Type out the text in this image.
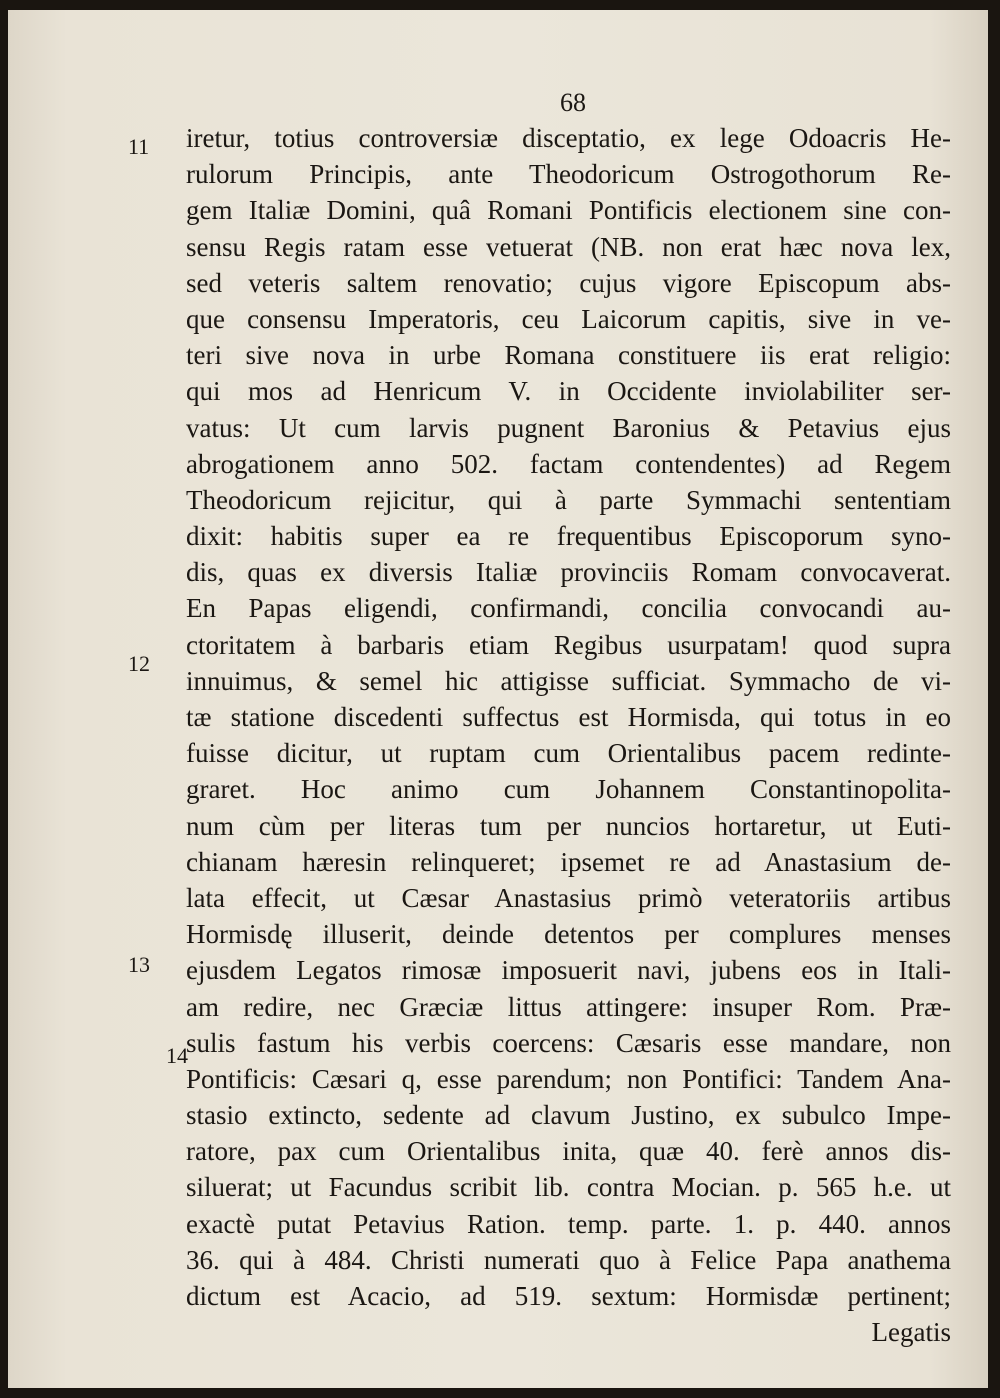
68
11
12
13
14
iretur, totius controversiæ disceptatio, ex lege Odoacris He-
rulorum Principis, ante Theodoricum Ostrogothorum Re-
gem Italiæ Domini, quâ Romani Pontificis electionem sine con-
sensu Regis ratam esse vetuerat (NB. non erat hæc nova lex,
sed veteris saltem renovatio; cujus vigore Episcopum abs-
que consensu Imperatoris, ceu Laicorum capitis, sive in ve-
teri sive nova in urbe Romana constituere iis erat religio:
qui mos ad Henricum V. in Occidente inviolabiliter ser-
vatus: Ut cum larvis pugnent Baronius & Petavius ejus
abrogationem anno 502. factam contendentes) ad Regem
Theodoricum rejicitur, qui à parte Symmachi sententiam
dixit: habitis super ea re frequentibus Episcoporum syno-
dis, quas ex diversis Italiæ provinciis Romam convocaverat.
En Papas eligendi, confirmandi, concilia convocandi au-
ctoritatem à barbaris etiam Regibus usurpatam! quod supra
innuimus, & semel hic attigisse sufficiat. Symmacho de vi-
tæ statione discedenti suffectus est Hormisda, qui totus in eo
fuisse dicitur, ut ruptam cum Orientalibus pacem redinte-
graret. Hoc animo cum Johannem Constantinopolita-
num cùm per literas tum per nuncios hortaretur, ut Euti-
chianam hæresin relinqueret; ipsemet re ad Anastasium de-
lata effecit, ut Cæsar Anastasius primò veteratoriis artibus
Hormisdę illuserit, deinde detentos per complures menses
ejusdem Legatos rimosæ imposuerit navi, jubens eos in Itali-
am redire, nec Græciæ littus attingere: insuper Rom. Præ-
sulis fastum his verbis coercens: Cæsaris esse mandare, non
Pontificis: Cæsari q, esse parendum; non Pontifici: Tandem Ana-
stasio extincto, sedente ad clavum Justino, ex subulco Impe-
ratore, pax cum Orientalibus inita, quæ 40. ferè annos dis-
siluerat; ut Facundus scribit lib. contra Mocian. p. 565 h.e. ut
exactè putat Petavius Ration. temp. parte. 1. p. 440. annos
36. qui à 484. Christi numerati quo à Felice Papa anathema
dictum est Acacio, ad 519. sextum: Hormisdæ pertinent;
Legatis
